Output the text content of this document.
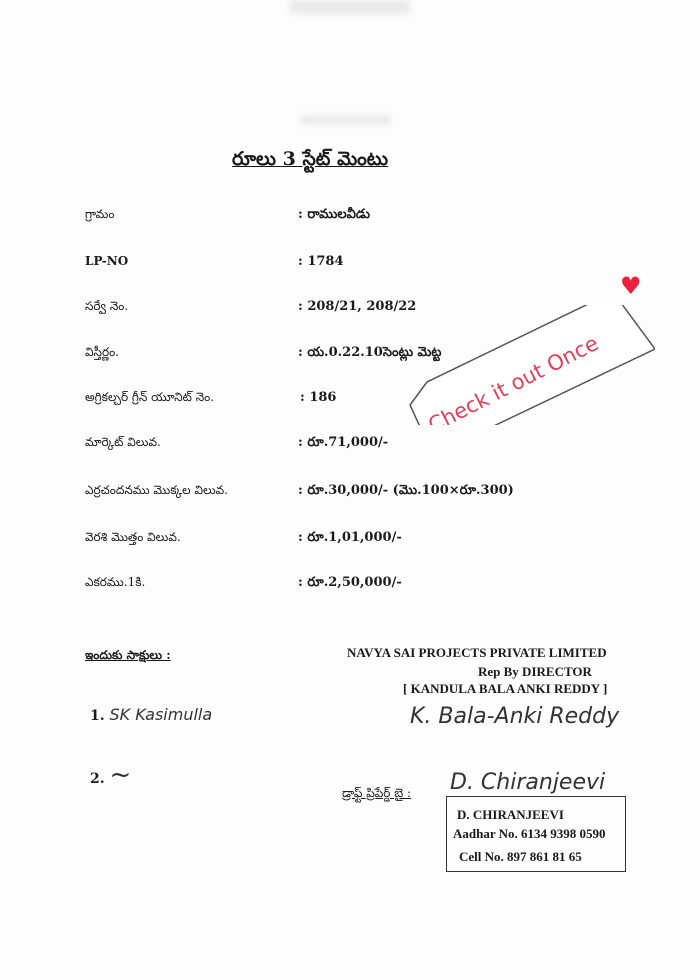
రూలు 3 స్టేట్ మెంటు
గ్రామం	: రాములవీడు
LP-NO	: 1784
సర్వే నెం.	: 208/21, 208/22
విస్తీర్ణం.	: య.0.22.10సెంట్లు మెట్ట
అగ్రికల్చర్ గ్రీన్ యూనిట్ నెం.	: 186
మార్కెట్ విలువ.	: రూ.71,000/-
ఎర్రచందనము మొక్కల విలువ.	: రూ.30,000/- (మొ.100×రూ.300)
వెరశి మొత్తం విలువ.	: రూ.1,01,000/-
ఎకరము.1కి.	: రూ.2,50,000/-
ఇందుకు సాక్షులు :
1. SK Kasimulla
2. ~
NAVYA SAI PROJECTS PRIVATE LIMITED
Rep By DIRECTOR
[ KANDULA BALA ANKI REDDY ]
K. Bala-Anki Reddy
డ్రాఫ్ట్ ప్రిపేర్డ్ బై : D. Chiranjeevi
D. CHIRANJEEVI
Aadhar No. 6134 9398 0590
Cell No. 897 861 81 65
Check it out Once
♥
